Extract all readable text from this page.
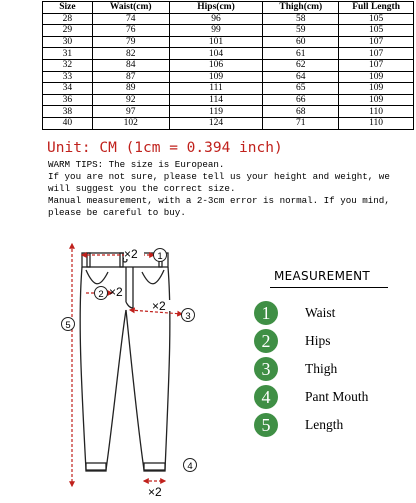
Size	Waist(cm)	Hips(cm)	Thigh(cm)	Full Length
28	74	96	58	105
29	76	99	59	105
30	79	101	60	107
31	82	104	61	107
32	84	106	62	107
33	87	109	64	109
34	89	111	65	109
36	92	114	66	109
38	97	119	68	110
40	102	124	71	110
Unit: CM (1cm = 0.394 inch)

WARM TIPS: The size is European.

If you are not sure, please tell us your height and weight, we

will suggest you the correct size.

Manual measurement, with a 2-3cm error is normal. If you mind,

please be careful to buy.

×2
×2
×2
×2
1
2
3
4
5
MEASUREMENT
1	Waist
2	Hips
3	Thigh
4	Pant Mouth
5	Length
